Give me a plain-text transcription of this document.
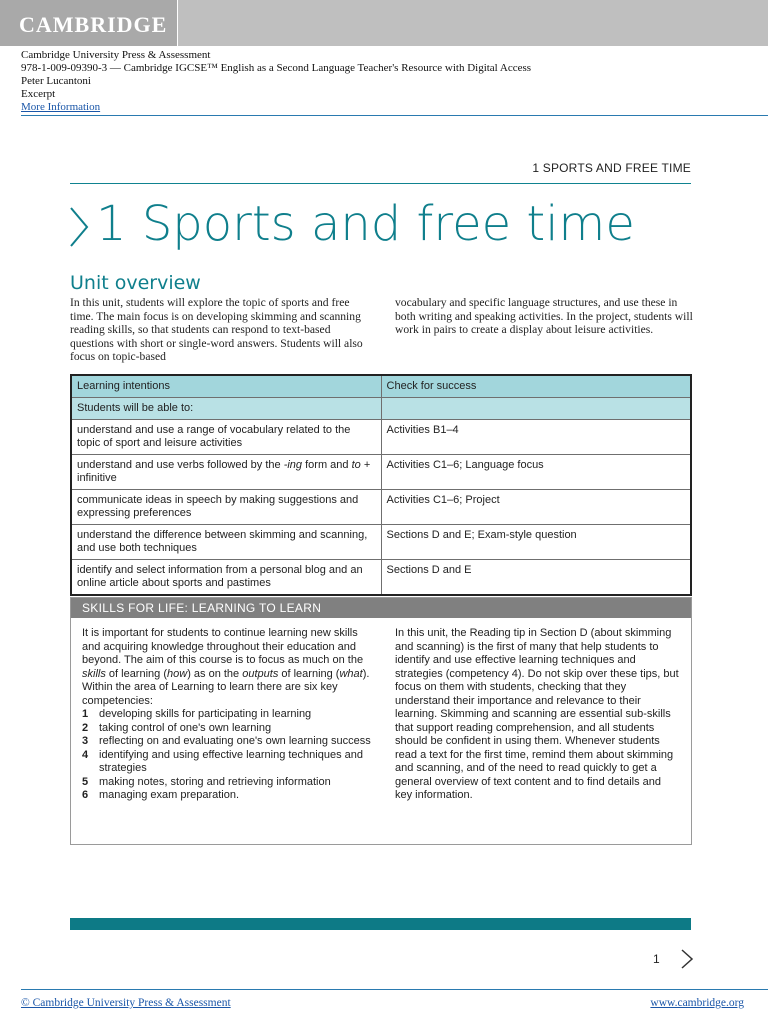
CAMBRIDGE
Cambridge University Press & Assessment
978-1-009-09390-3 — Cambridge IGCSE™ English as a Second Language Teacher's Resource with Digital Access
Peter Lucantoni
Excerpt
More Information
1 SPORTS AND FREE TIME
1 Sports and free time
Unit overview
In this unit, students will explore the topic of sports and free time. The main focus is on developing skimming and scanning reading skills, so that students can respond to text-based questions with short or single-word answers. Students will also focus on topic-based
vocabulary and specific language structures, and use these in both writing and speaking activities. In the project, students will work in pairs to create a display about leisure activities.
Learning intentions	Check for success
Students will be able to:	
understand and use a range of vocabulary related to the topic of sport and leisure activities	Activities B1–4
understand and use verbs followed by the -ing form and to + infinitive	Activities C1–6; Language focus
communicate ideas in speech by making suggestions and expressing preferences	Activities C1–6; Project
understand the difference between skimming and scanning, and use both techniques	Sections D and E; Exam-style question
identify and select information from a personal blog and an online article about sports and pastimes	Sections D and E
SKILLS FOR LIFE: LEARNING TO LEARN
It is important for students to continue learning new skills and acquiring knowledge throughout their education and beyond. The aim of this course is to focus as much on the skills of learning (how) as on the outputs of learning (what). Within the area of Learning to learn there are six key competencies:
1 developing skills for participating in learning
2 taking control of one's own learning
3 reflecting on and evaluating one's own learning success
4 identifying and using effective learning techniques and strategies
5 making notes, storing and retrieving information
6 managing exam preparation.
In this unit, the Reading tip in Section D (about skimming and scanning) is the first of many that help students to identify and use effective learning techniques and strategies (competency 4). Do not skip over these tips, but focus on them with students, checking that they understand their importance and relevance to their learning. Skimming and scanning are essential sub-skills that support reading comprehension, and all students should be confident in using them. Whenever students read a text for the first time, remind them about skimming and scanning, and of the need to read quickly to get a general overview of text content and to find details and key information.
1
© Cambridge University Press & Assessment	www.cambridge.org
